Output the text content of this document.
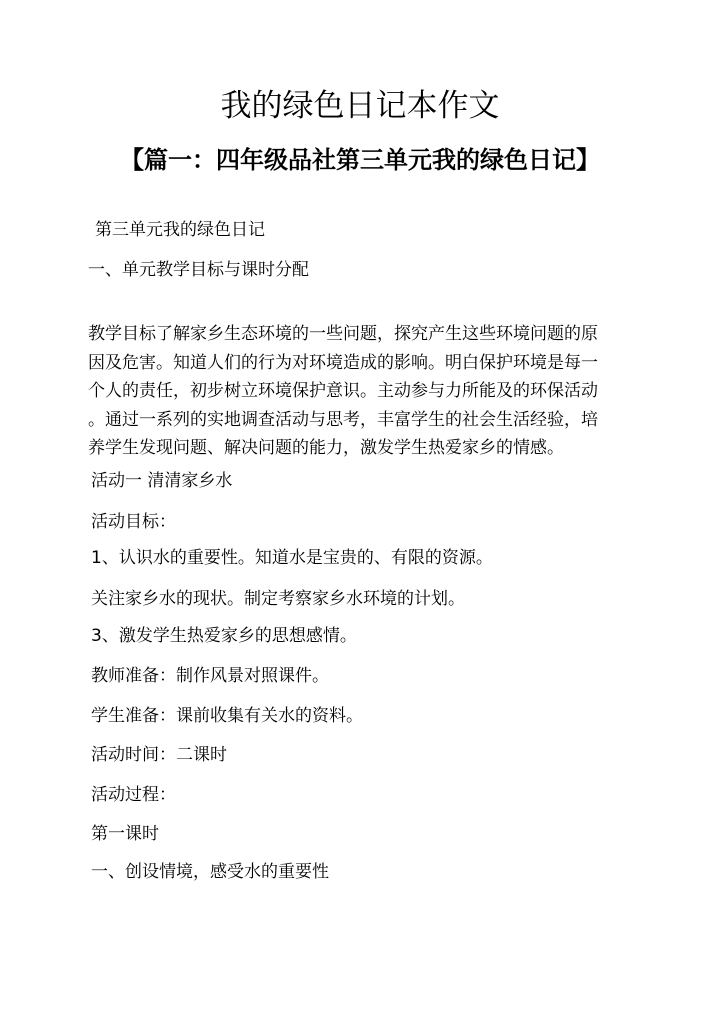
我的绿色日记本作文
【篇一：四年级品社第三单元我的绿色日记】

第三单元我的绿色日记

一、单元教学目标与课时分配

教学目标了解家乡生态环境的一些问题，探究产生这些环境问题的原
因及危害。知道人们的行为对环境造成的影响。明白保护环境是每一
个人的责任，初步树立环境保护意识。主动参与力所能及的环保活动
。通过一系列的实地调查活动与思考，丰富学生的社会生活经验，培
养学生发现问题、解决问题的能力，激发学生热爱家乡的情感。

活动一 清清家乡水

活动目标：

1、认识水的重要性。知道水是宝贵的、有限的资源。

关注家乡水的现状。制定考察家乡水环境的计划。

3、激发学生热爱家乡的思想感情。

教师准备：制作风景对照课件。

学生准备：课前收集有关水的资料。

活动时间：二课时

活动过程：

第一课时

一、创设情境，感受水的重要性
